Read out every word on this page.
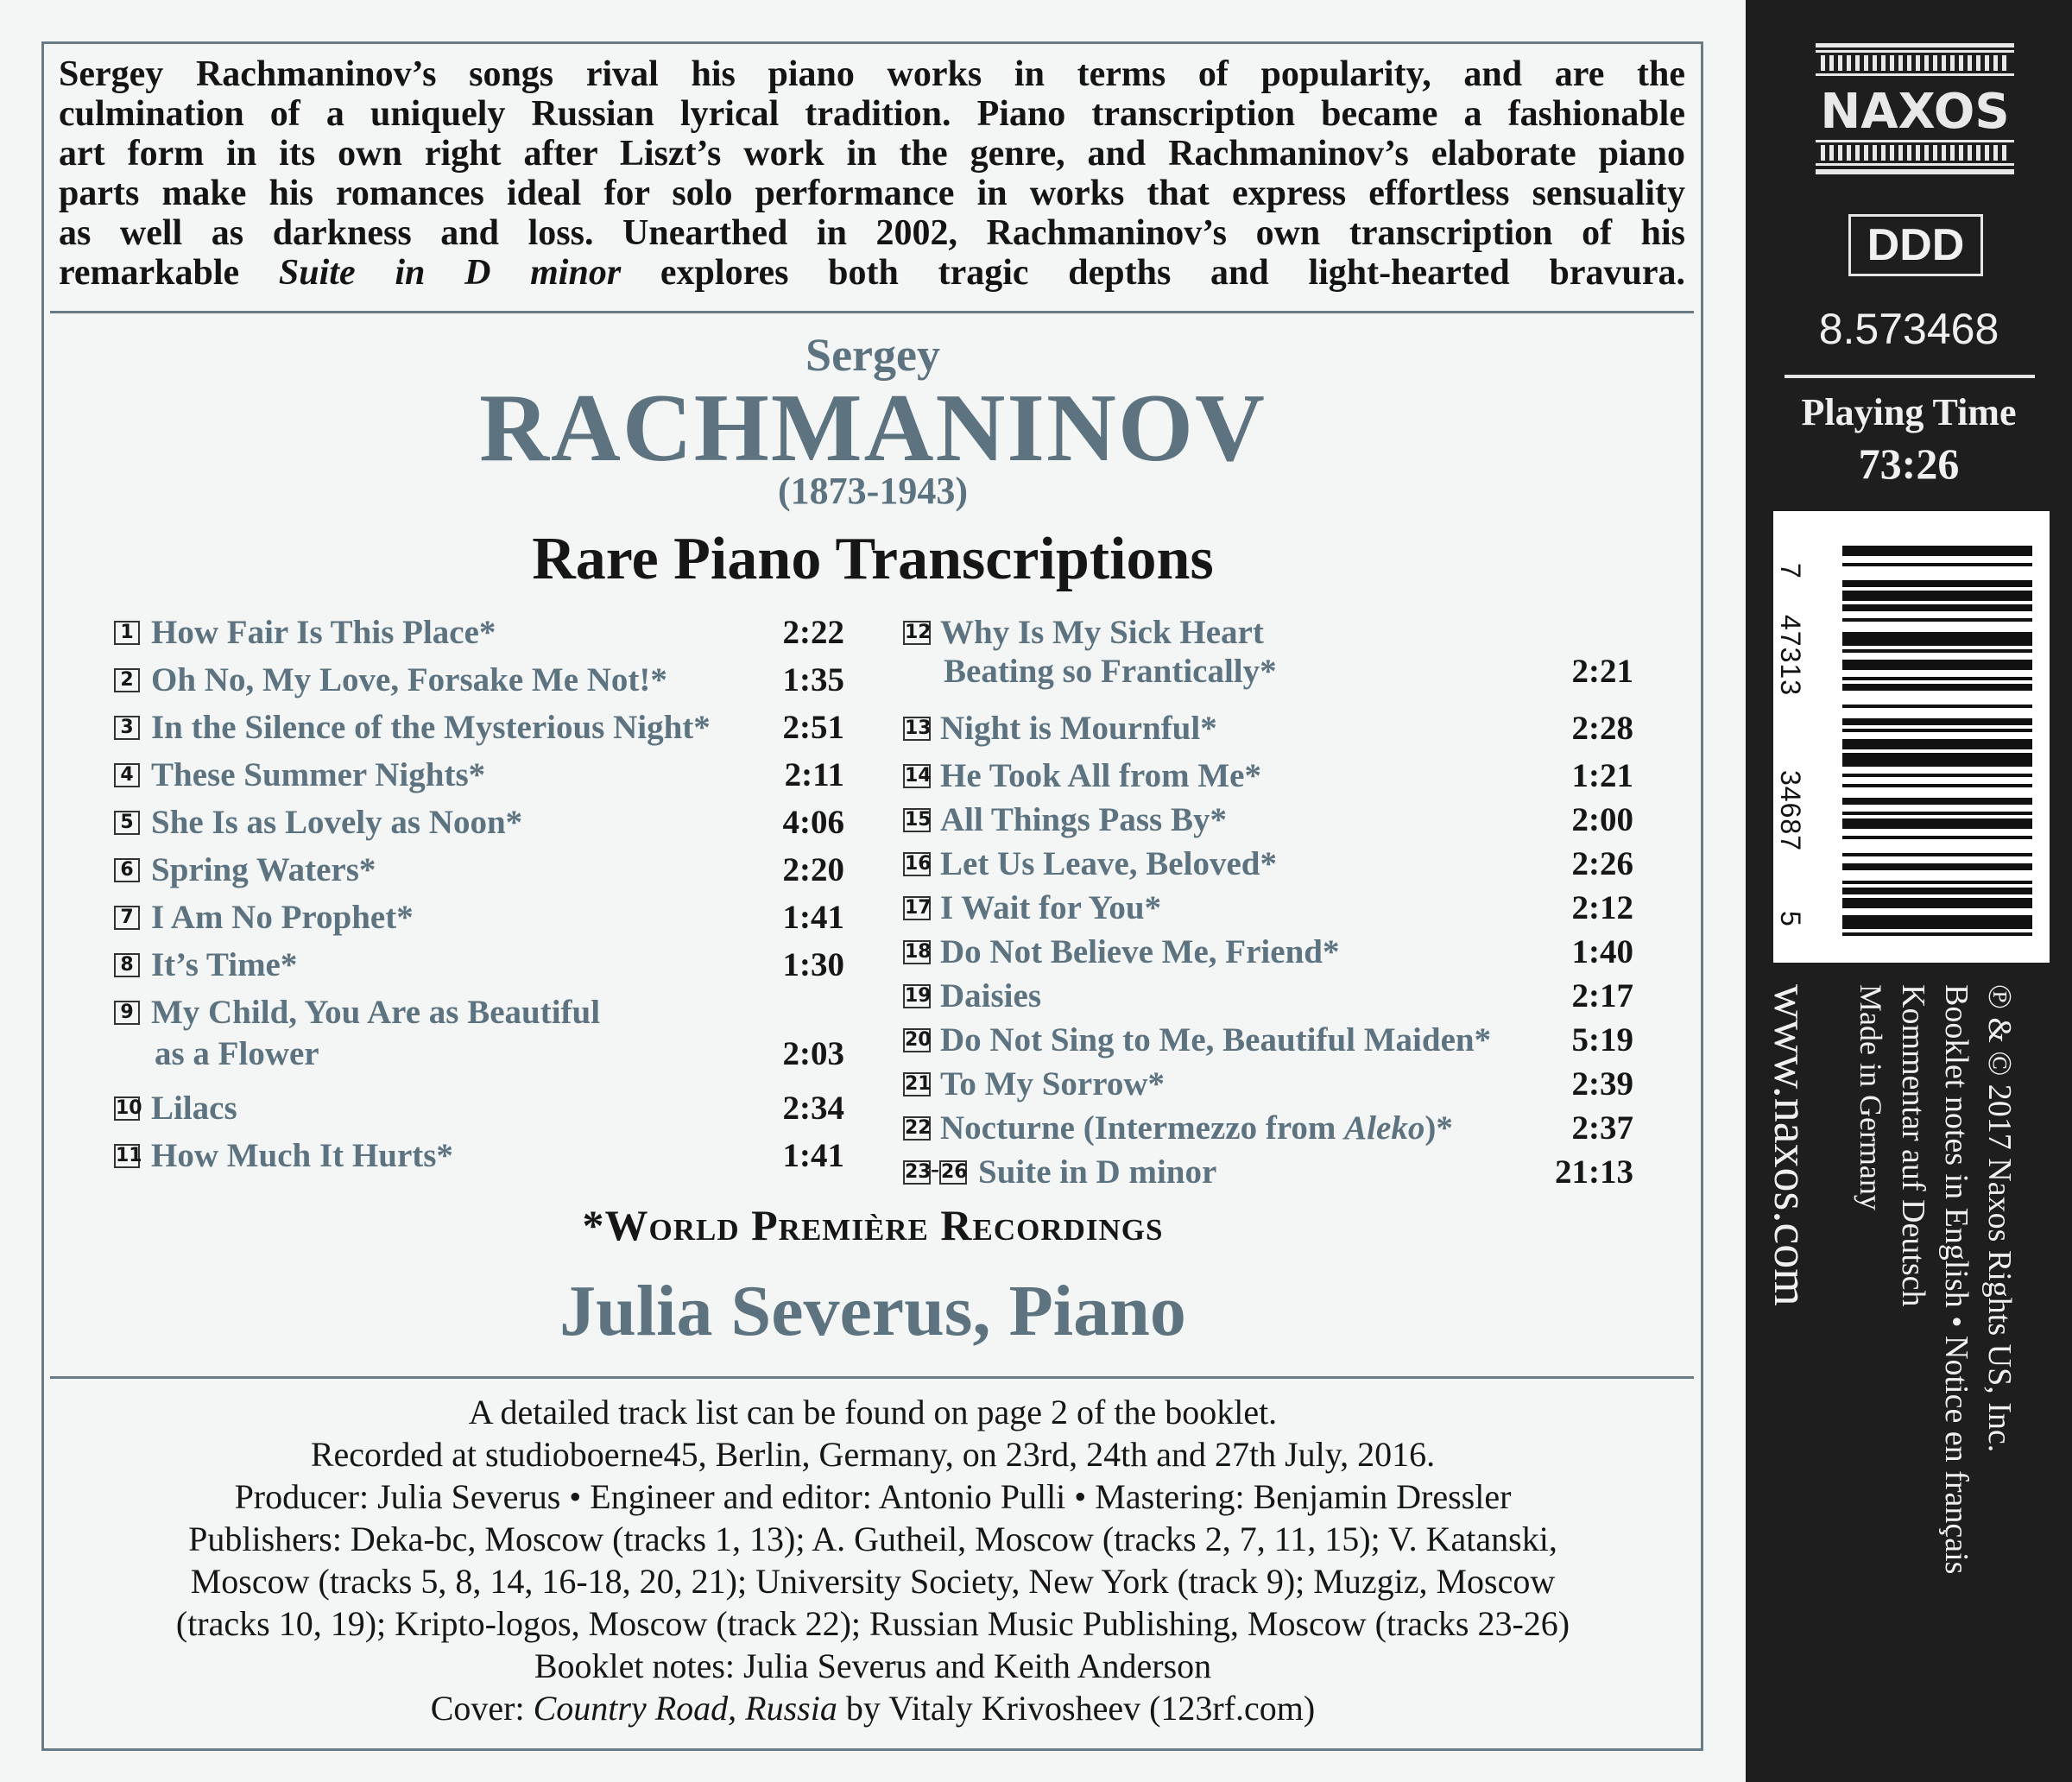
Sergey Rachmaninov’s songs rival his piano works in terms of popularity, and are the
culmination of a uniquely Russian lyrical tradition. Piano transcription became a fashionable
art form in its own right after Liszt’s work in the genre, and Rachmaninov’s elaborate piano
parts make his romances ideal for solo performance in works that express effortless sensuality
as well as darkness and loss. Unearthed in 2002, Rachmaninov’s own transcription of his
remarkable Suite in D minor explores both tragic depths and light-hearted bravura.

Sergey
RACHMANINOV
(1873-1943)
Rare Piano Transcriptions
1 How Fair Is This Place*	2:22
2 Oh No, My Love, Forsake Me Not!*	1:35
3 In the Silence of the Mysterious Night* 2:51
4 These Summer Nights*	2:11
5 She Is as Lovely as Noon*	4:06
6 Spring Waters*	2:20
7 I Am No Prophet*	1:41
8 It’s Time*	1:30
9 My Child, You Are as Beautiful
as a Flower	2:03
10 Lilacs	2:34
11 How Much It Hurts*	1:41
12 Why Is My Sick Heart
Beating so Frantically*	2:21
13 Night is Mournful*	2:28
14 He Took All from Me*	1:21
15 All Things Pass By*	2:00
16 Let Us Leave, Beloved*	2:26
17 I Wait for You*	2:12
18 Do Not Believe Me, Friend*	1:40
19 Daisies	2:17
20 Do Not Sing to Me, Beautiful Maiden* 5:19
21 To My Sorrow*	2:39
22 Nocturne (Intermezzo from Aleko)*	2:37
23 - 26 Suite in D minor	21:13
*World Première Recordings
Julia Severus, Piano
A detailed track list can be found on page 2 of the booklet.
Recorded at studioboerne45, Berlin, Germany, on 23rd, 24th and 27th July, 2016.
Producer: Julia Severus • Engineer and editor: Antonio Pulli • Mastering: Benjamin Dressler
Publishers: Deka-bc, Moscow (tracks 1, 13); A. Gutheil, Moscow (tracks 2, 7, 11, 15); V. Katanski,
Moscow (tracks 5, 8, 14, 16-18, 20, 21); University Society, New York (track 9); Muzgiz, Moscow
(tracks 10, 19); Kripto-logos, Moscow (track 22); Russian Music Publishing, Moscow (tracks 23-26)
Booklet notes: Julia Severus and Keith Anderson
Cover: Country Road, Russia by Vitaly Krivosheev (123rf.com)
NAXOS
DDD
8.573468
Playing Time
73:26
7
47313
34687
5
℗ & © 2017 Naxos Rights US, Inc.
Booklet notes in English • Notice en français
Kommentar auf Deutsch
Made in Germany
www.naxos.com
